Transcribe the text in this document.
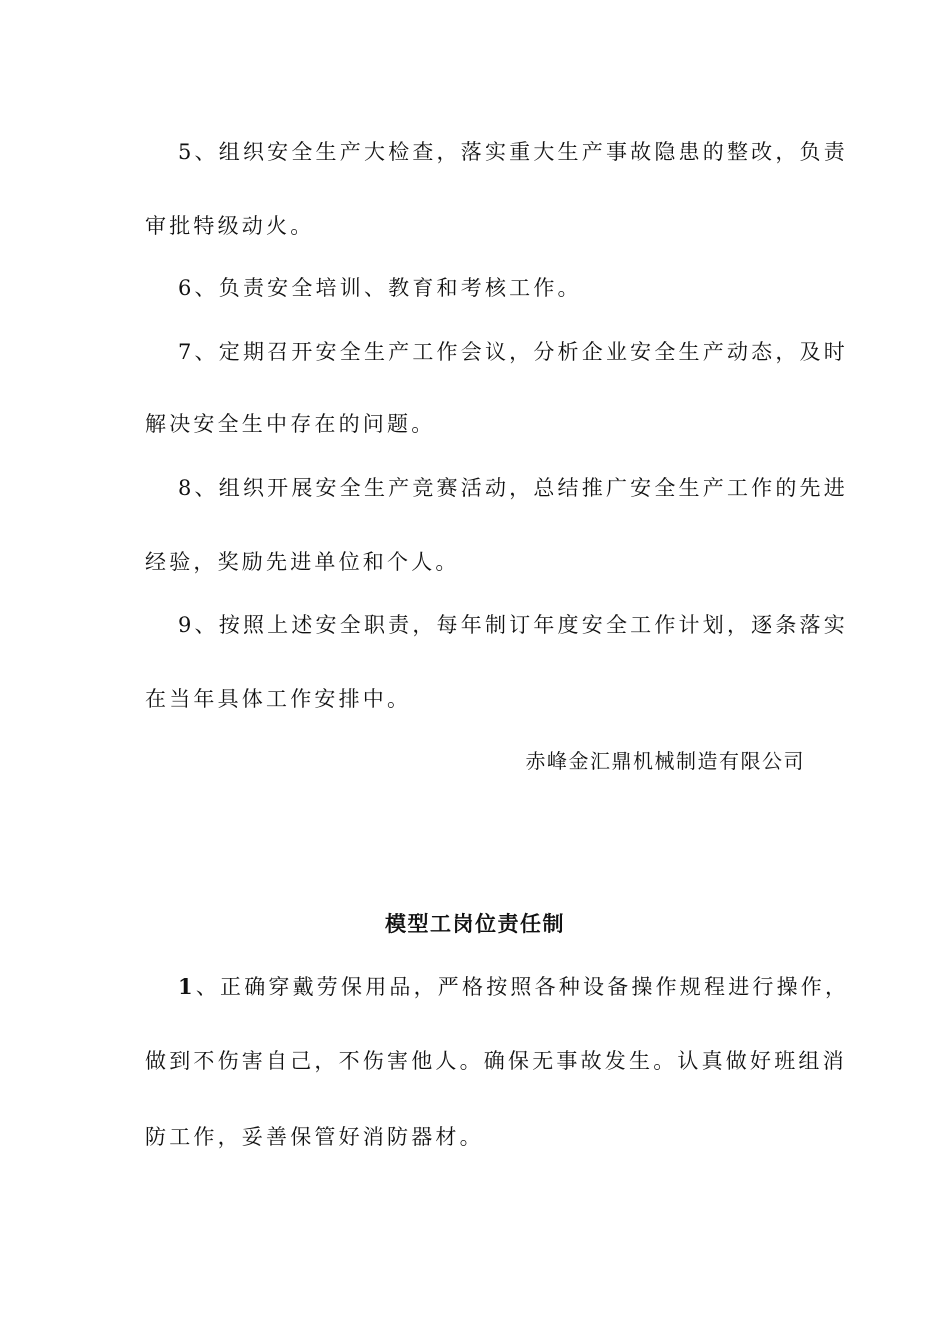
5、组织安全生产大检查，落实重大生产事故隐患的整改，负责

审批特级动火。

6、负责安全培训、教育和考核工作。

7、定期召开安全生产工作会议，分析企业安全生产动态，及时

解决安全生中存在的问题。

8、组织开展安全生产竞赛活动，总结推广安全生产工作的先进

经验，奖励先进单位和个人。

9、按照上述安全职责，每年制订年度安全工作计划，逐条落实

在当年具体工作安排中。

赤峰金汇鼎机械制造有限公司
模型工岗位责任制

1、正确穿戴劳保用品，严格按照各种设备操作规程进行操作，

做到不伤害自己，不伤害他人。确保无事故发生。认真做好班组消

防工作，妥善保管好消防器材。
